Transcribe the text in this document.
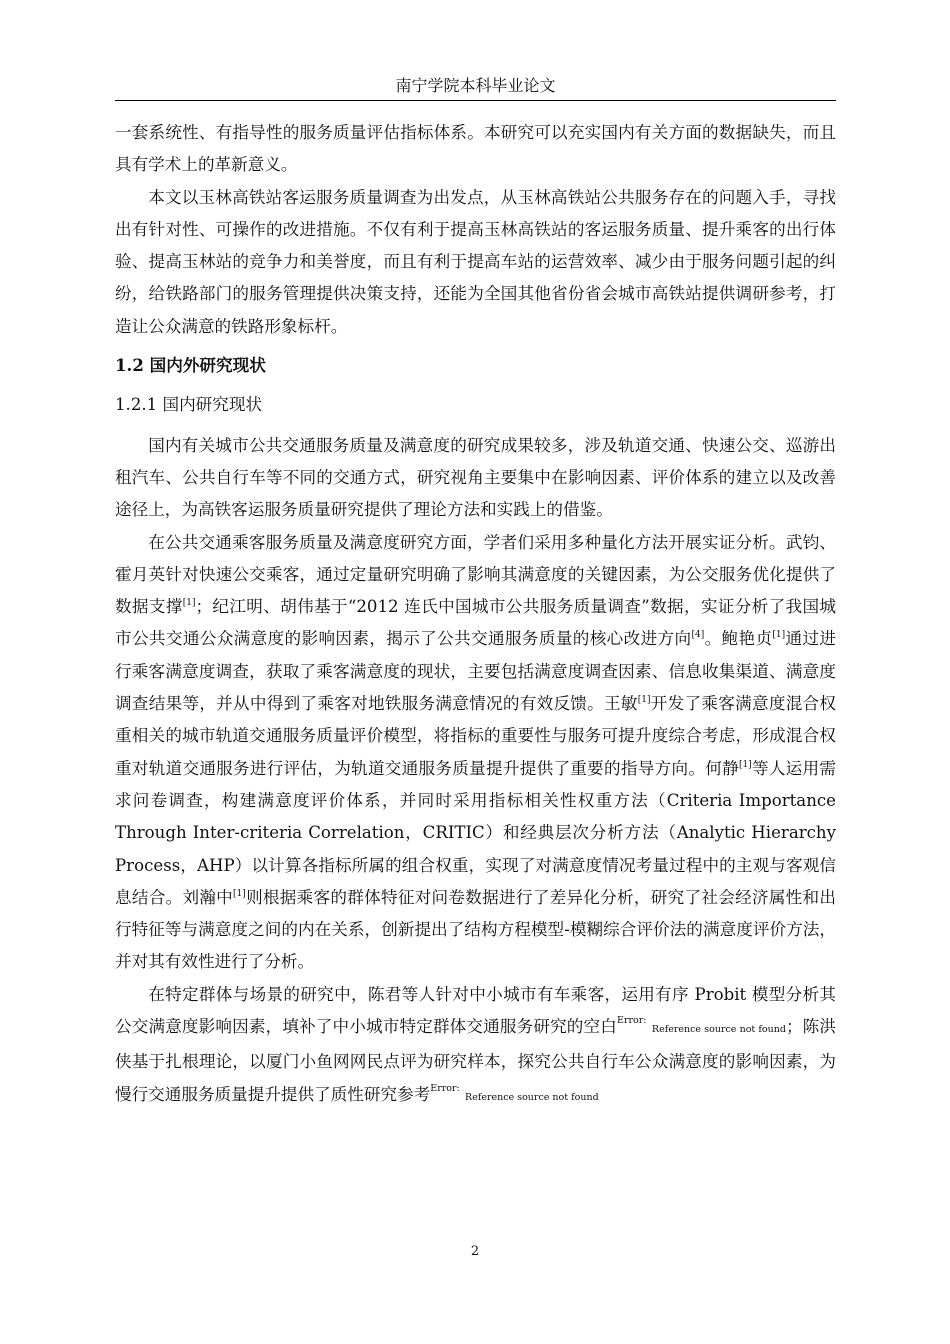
南宁学院本科毕业论文

一套系统性、有指导性的服务质量评估指标体系。本研究可以充实国内有关方面的数据缺失，而且具有学术上的革新意义。

本文以玉林高铁站客运服务质量调查为出发点，从玉林高铁站公共服务存在的问题入手，寻找出有针对性、可操作的改进措施。不仅有利于提高玉林高铁站的客运服务质量、提升乘客的出行体验、提高玉林站的竞争力和美誉度，而且有利于提高车站的运营效率、减少由于服务问题引起的纠纷，给铁路部门的服务管理提供决策支持，还能为全国其他省份省会城市高铁站提供调研参考，打造让公众满意的铁路形象标杆。

1.2 国内外研究现状

1.2.1 国内研究现状

国内有关城市公共交通服务质量及满意度的研究成果较多，涉及轨道交通、快速公交、巡游出租汽车、公共自行车等不同的交通方式，研究视角主要集中在影响因素、评价体系的建立以及改善途径上，为高铁客运服务质量研究提供了理论方法和实践上的借鉴。

在公共交通乘客服务质量及满意度研究方面，学者们采用多种量化方法开展实证分析。武钧、霍月英针对快速公交乘客，通过定量研究明确了影响其满意度的关键因素，为公交服务优化提供了数据支撑[1]；纪江明、胡伟基于“2012 连氏中国城市公共服务质量调查”数据，实证分析了我国城市公共交通公众满意度的影响因素，揭示了公共交通服务质量的核心改进方向[4]。鲍艳贞[1]通过进行乘客满意度调查，获取了乘客满意度的现状，主要包括满意度调查因素、信息收集渠道、满意度调查结果等，并从中得到了乘客对地铁服务满意情况的有效反馈。王敏[1]开发了乘客满意度混合权重相关的城市轨道交通服务质量评价模型，将指标的重要性与服务可提升度综合考虑，形成混合权重对轨道交通服务进行评估，为轨道交通服务质量提升提供了重要的指导方向。何静[1]等人运用需求问卷调查，构建满意度评价体系，并同时采用指标相关性权重方法（Criteria Importance Through Inter-criteria Correlation，CRITIC）和经典层次分析方法（Analytic Hierarchy Process，AHP）以计算各指标所属的组合权重，实现了对满意度情况考量过程中的主观与客观信息结合。刘瀚中[1]则根据乘客的群体特征对问卷数据进行了差异化分析，研究了社会经济属性和出行特征等与满意度之间的内在关系，创新提出了结构方程模型-模糊综合评价法的满意度评价方法，并对其有效性进行了分析。

在特定群体与场景的研究中，陈君等人针对中小城市有车乘客，运用有序 Probit 模型分析其公交满意度影响因素，填补了中小城市特定群体交通服务研究的空白$^{Error:}$ Reference source not found；陈洪侠基于扎根理论，以厦门小鱼网网民点评为研究样本，探究公共自行车公众满意度的影响因素，为慢行交通服务质量提升提供了质性研究参考$^{Error:}$ Reference source not found

2
